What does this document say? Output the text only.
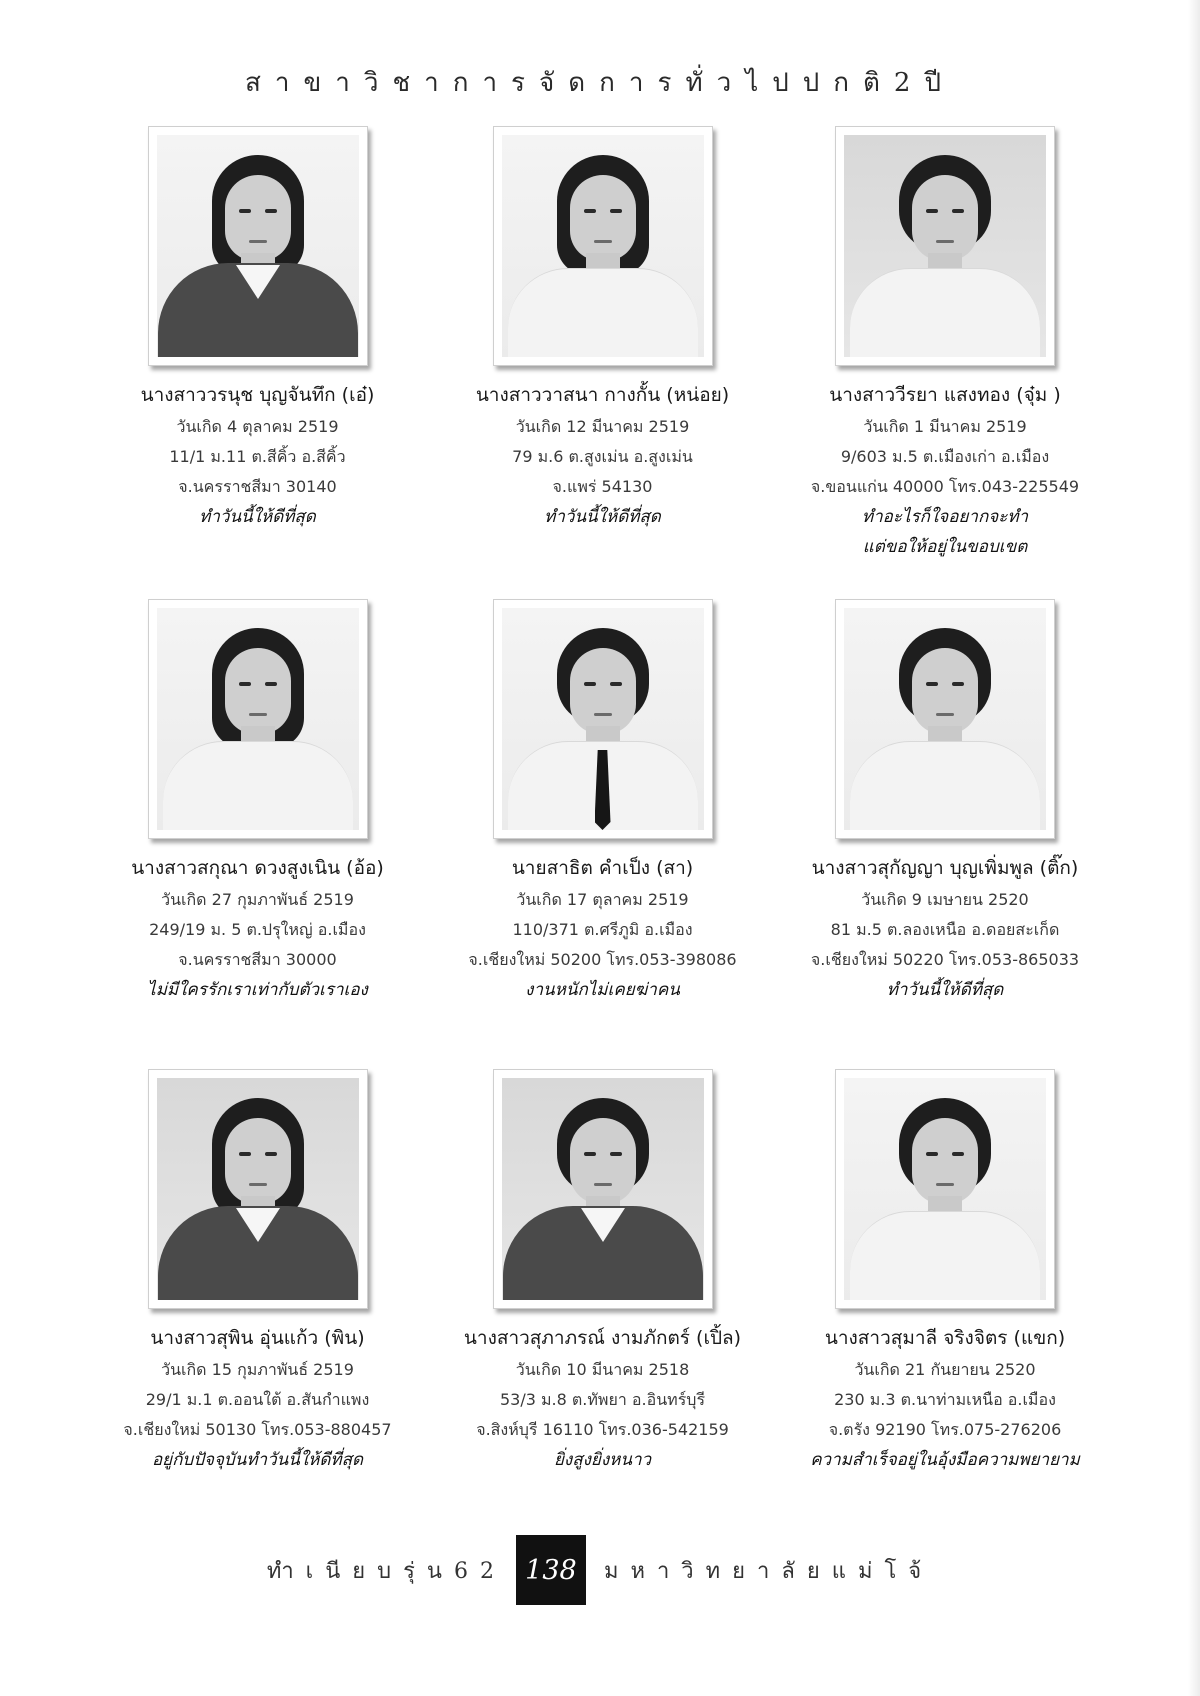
สาขาวิชาการจัดการทั่วไปปกติ2ปี
นางสาววรนุช บุญจันทึก (เอ๋)
วันเกิด 4 ตุลาคม 2519
11/1 ม.11 ต.สีคิ้ว อ.สีคิ้ว
จ.นครราชสีมา 30140
ทำวันนี้ให้ดีที่สุด
นางสาววาสนา กางกั้น (หน่อย)
วันเกิด 12 มีนาคม 2519
79 ม.6 ต.สูงเม่น อ.สูงเม่น
จ.แพร่ 54130
ทำวันนี้ให้ดีที่สุด
นางสาววีรยา แสงทอง (จุ๋ม )
วันเกิด 1 มีนาคม 2519
9/603 ม.5 ต.เมืองเก่า อ.เมือง
จ.ขอนแก่น 40000 โทร.043-225549
ทำอะไรก็ใจอยากจะทำ
แต่ขอให้อยู่ในขอบเขต
นางสาวสกุณา ดวงสูงเนิน (อ้อ)
วันเกิด 27 กุมภาพันธ์ 2519
249/19 ม. 5 ต.ปรุใหญ่ อ.เมือง
จ.นครราชสีมา 30000
ไม่มีใครรักเราเท่ากับตัวเราเอง
นายสาธิต คำเป็ง (สา)
วันเกิด 17 ตุลาคม 2519
110/371 ต.ศรีภูมิ อ.เมือง
จ.เชียงใหม่ 50200 โทร.053-398086
งานหนักไม่เคยฆ่าคน
นางสาวสุกัญญา บุญเพิ่มพูล (ติ๊ก)
วันเกิด 9 เมษายน 2520
81 ม.5 ต.ลองเหนือ อ.ดอยสะเก็ด
จ.เชียงใหม่ 50220 โทร.053-865033
ทำวันนี้ให้ดีที่สุด
นางสาวสุพิน อุ่นแก้ว (พิน)
วันเกิด 15 กุมภาพันธ์ 2519
29/1 ม.1 ต.ออนใต้ อ.สันกำแพง
จ.เชียงใหม่ 50130 โทร.053-880457
อยู่กับปัจจุบันทำวันนี้ให้ดีที่สุด
นางสาวสุภาภรณ์ งามภักตร์ (เปิ้ล)
วันเกิด 10 มีนาคม 2518
53/3 ม.8 ต.ทัพยา อ.อินทร์บุรี
จ.สิงห์บุรี 16110 โทร.036-542159
ยิ่งสูงยิ่งหนาว
นางสาวสุมาลี จริงจิตร (แขก)
วันเกิด 21 กันยายน 2520
230 ม.3 ต.นาท่ามเหนือ อ.เมือง
จ.ตรัง 92190 โทร.075-276206
ความสำเร็จอยู่ในอุ้งมือความพยายาม
ทำเนียบรุ่น62 138	มหาวิทยาลัยแม่โจ้
